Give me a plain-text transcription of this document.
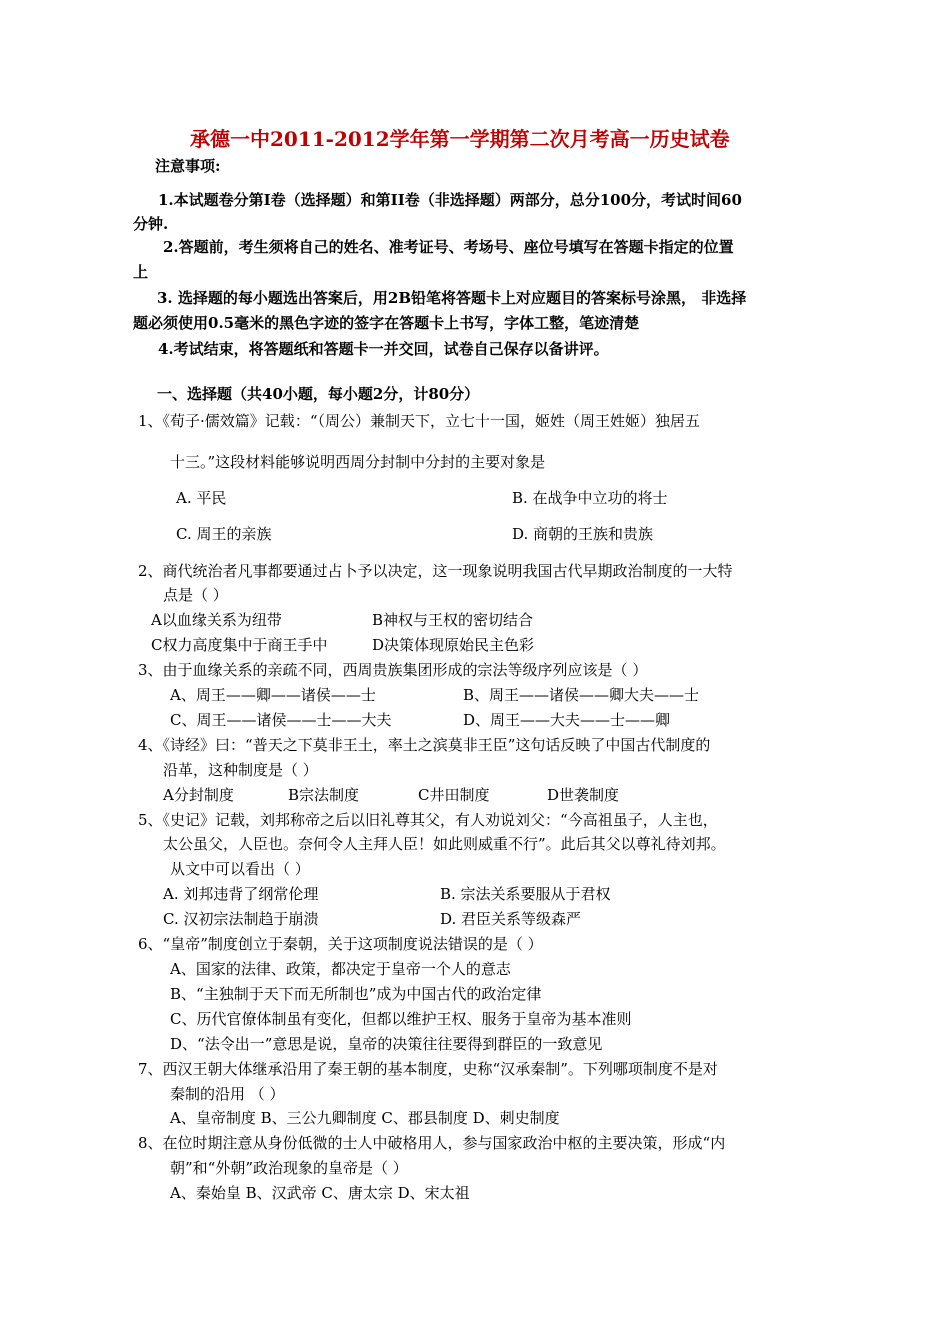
承德一中2011-2012学年第一学期第二次月考高一历史试卷
注意事项:
1.本试题卷分第I卷（选择题）和第II卷（非选择题）两部分，总分100分，考试时间60
分钟.
2.答题前，考生须将自己的姓名、准考证号、考场号、座位号填写在答题卡指定的位置
上
3. 选择题的每小题选出答案后，用2B铅笔将答题卡上对应题目的答案标号涂黑， 非选择
题必须使用0.5毫米的黑色字迹的签字在答题卡上书写，字体工整，笔迹清楚
4.考试结束，将答题纸和答题卡一并交回，试卷自己保存以备讲评。
一、选择题（共40小题，每小题2分，计80分）
1、《荀子·儒效篇》记载：“（周公）兼制天下，立七十一国，姬姓（周王姓姬）独居五
十三。”这段材料能够说明西周分封制中分封的主要对象是
A. 平民	B. 在战争中立功的将士
C. 周王的亲族	D. 商朝的王族和贵族
2、商代统治者凡事都要通过占卜予以决定，这一现象说明我国古代早期政治制度的一大特
点是（ ）
A以血缘关系为纽带	B神权与王权的密切结合
C权力高度集中于商王手中	D决策体现原始民主色彩
3、由于血缘关系的亲疏不同，西周贵族集团形成的宗法等级序列应该是（ ）
A、周王——卿——诸侯——士	B、周王——诸侯——卿大夫——士
C、周王——诸侯——士——大夫	D、周王——大夫——士——卿
4、《诗经》曰：“普天之下莫非王土，率土之滨莫非王臣”这句话反映了中国古代制度的
沿革，这种制度是（ ）
A分封制度	B宗法制度	C井田制度	D世袭制度
5、《史记》记载，刘邦称帝之后以旧礼尊其父，有人劝说刘父：“今高祖虽子，人主也，
太公虽父，人臣也。奈何令人主拜人臣！如此则威重不行”。此后其父以尊礼待刘邦。
从文中可以看出（ ）
A. 刘邦违背了纲常伦理	B. 宗法关系要服从于君权
C. 汉初宗法制趋于崩溃	D. 君臣关系等级森严
6、“皇帝”制度创立于秦朝，关于这项制度说法错误的是（ ）
A、国家的法律、政策，都决定于皇帝一个人的意志
B、“主独制于天下而无所制也”成为中国古代的政治定律
C、历代官僚体制虽有变化，但都以维护王权、服务于皇帝为基本准则
D、“法令出一”意思是说，皇帝的决策往往要得到群臣的一致意见
7、西汉王朝大体继承沿用了秦王朝的基本制度，史称“汉承秦制”。下列哪项制度不是对
秦制的沿用 （ ）
A、皇帝制度 B、三公九卿制度 C、郡县制度 D、刺史制度
8、在位时期注意从身份低微的士人中破格用人，参与国家政治中枢的主要决策，形成“内
朝”和“外朝”政治现象的皇帝是（ ）
A、秦始皇 B、汉武帝 C、唐太宗 D、宋太祖
